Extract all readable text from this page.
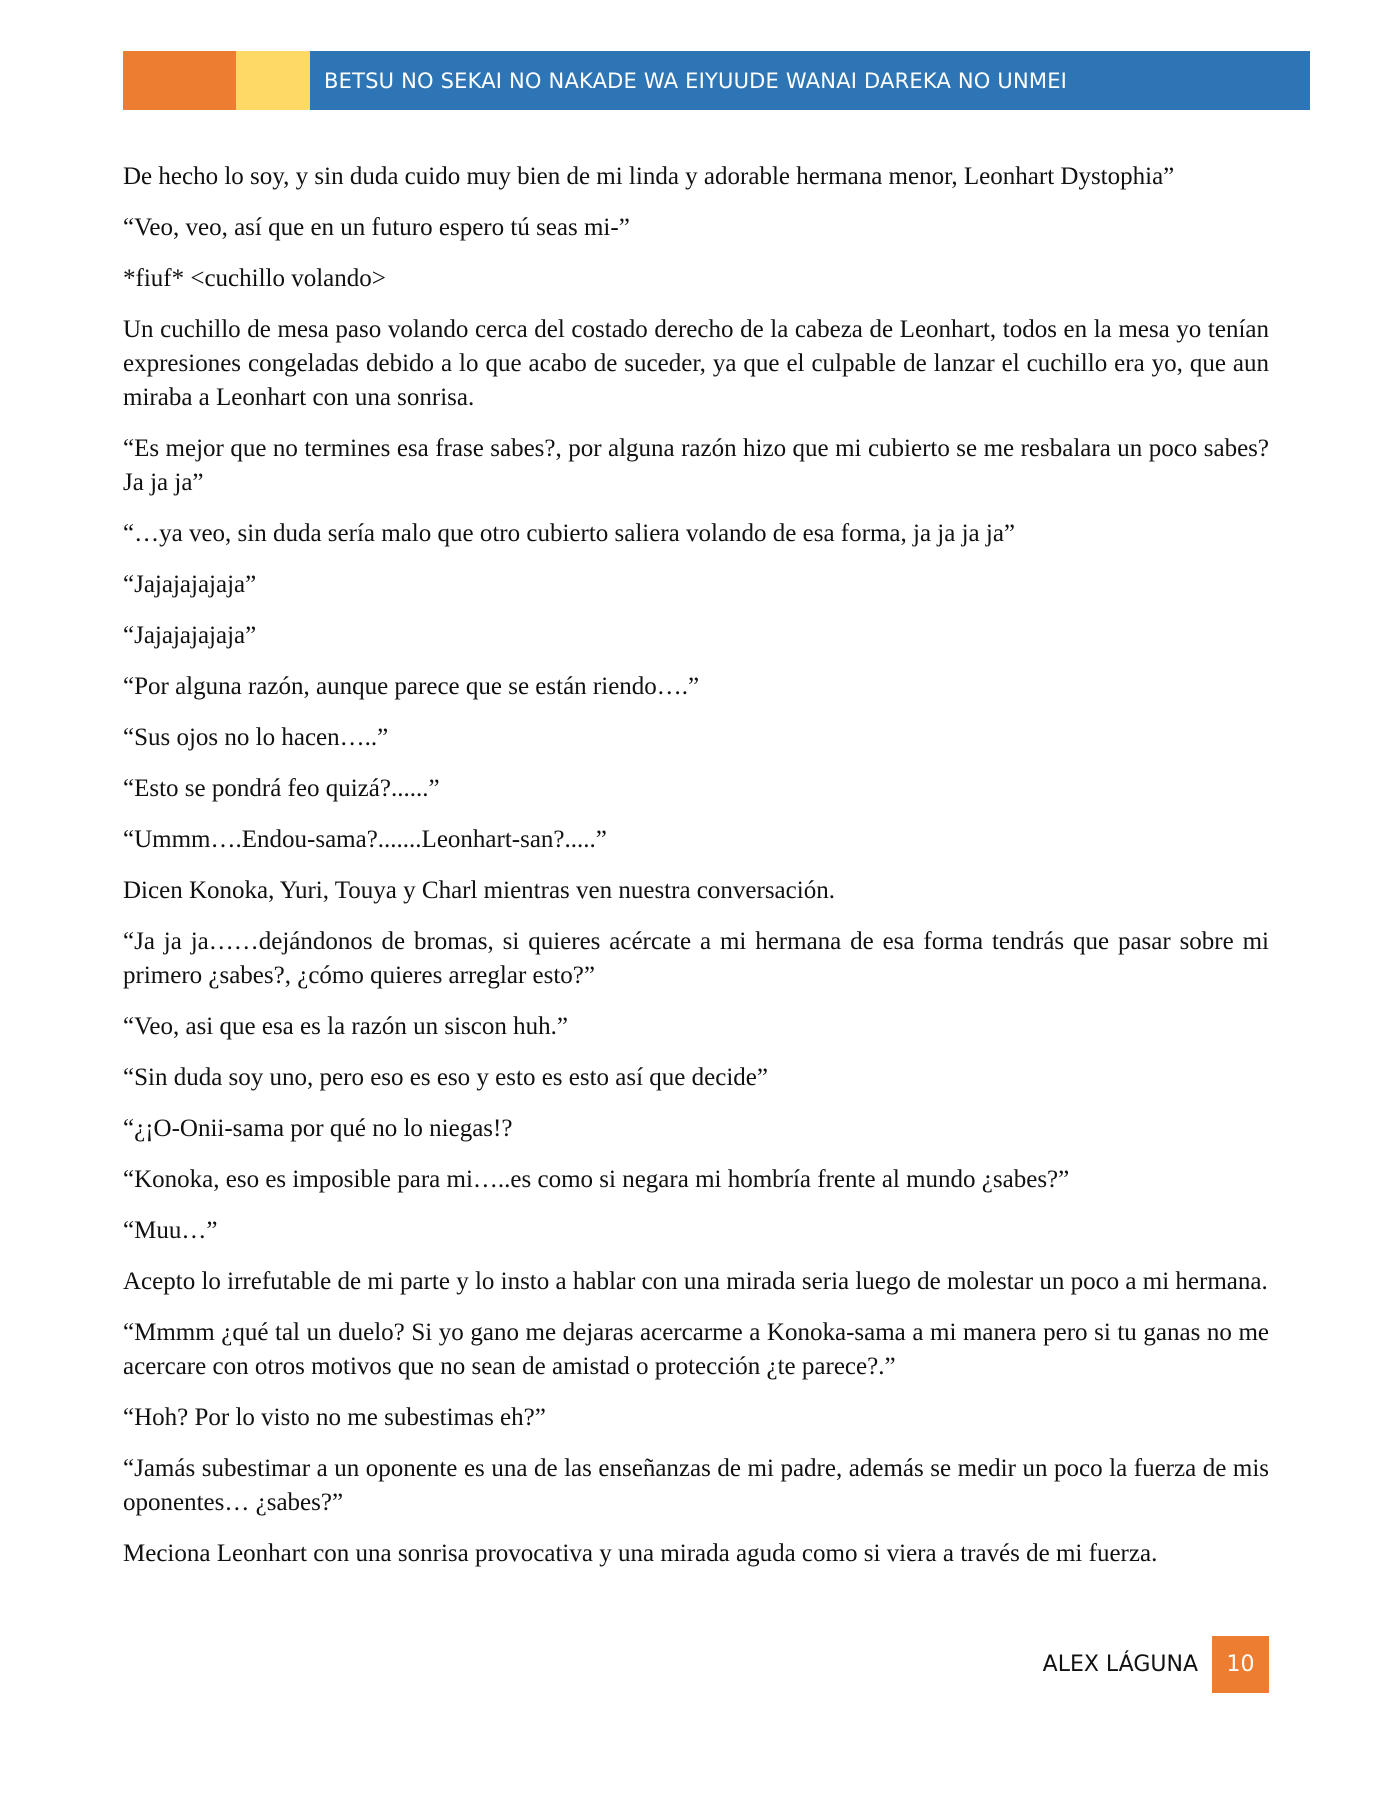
BETSU NO SEKAI NO NAKADE WA EIYUUDE WANAI DAREKA NO UNMEI

De hecho lo soy, y sin duda cuido muy bien de mi linda y adorable hermana menor, Leonhart Dystophia”

“Veo, veo, así que en un futuro espero tú seas mi-”

*fiuf* <cuchillo volando>

Un cuchillo de mesa paso volando cerca del costado derecho de la cabeza de Leonhart, todos en la mesa yo tenían expresiones congeladas debido a lo que acabo de suceder, ya que el culpable de lanzar el cuchillo era yo, que aun miraba a Leonhart con una sonrisa.

“Es mejor que no termines esa frase sabes?, por alguna razón hizo que mi cubierto se me resbalara un poco sabes? Ja ja ja”

“…ya veo, sin duda sería malo que otro cubierto saliera volando de esa forma, ja ja ja ja”

“Jajajajajaja”

“Jajajajajaja”

“Por alguna razón, aunque parece que se están riendo….”

“Sus ojos no lo hacen…..”

“Esto se pondrá feo quizá?......”

“Ummm….Endou-sama?.......Leonhart-san?.....”

Dicen Konoka, Yuri, Touya y Charl mientras ven nuestra conversación.

“Ja ja ja……dejándonos de bromas, si quieres acércate a mi hermana de esa forma tendrás que pasar sobre mi primero ¿sabes?, ¿cómo quieres arreglar esto?”

“Veo, asi que esa es la razón un siscon huh.”

“Sin duda soy uno, pero eso es eso y esto es esto así que decide”

“¿¡O-Onii-sama por qué no lo niegas!?

“Konoka, eso es imposible para mi…..es como si negara mi hombría frente al mundo ¿sabes?”

“Muu…”

Acepto lo irrefutable de mi parte y lo insto a hablar con una mirada seria luego de molestar un poco a mi hermana.

“Mmmm ¿qué tal un duelo? Si yo gano me dejaras acercarme a Konoka-sama a mi manera pero si tu ganas no me acercare con otros motivos que no sean de amistad o protección ¿te parece?.”

“Hoh? Por lo visto no me subestimas eh?”

“Jamás subestimar a un oponente es una de las enseñanzas de mi padre, además se medir un poco la fuerza de mis oponentes… ¿sabes?”

Meciona Leonhart con una sonrisa provocativa y una mirada aguda como si viera a través de mi fuerza.

ALEX LÁGUNA 10
